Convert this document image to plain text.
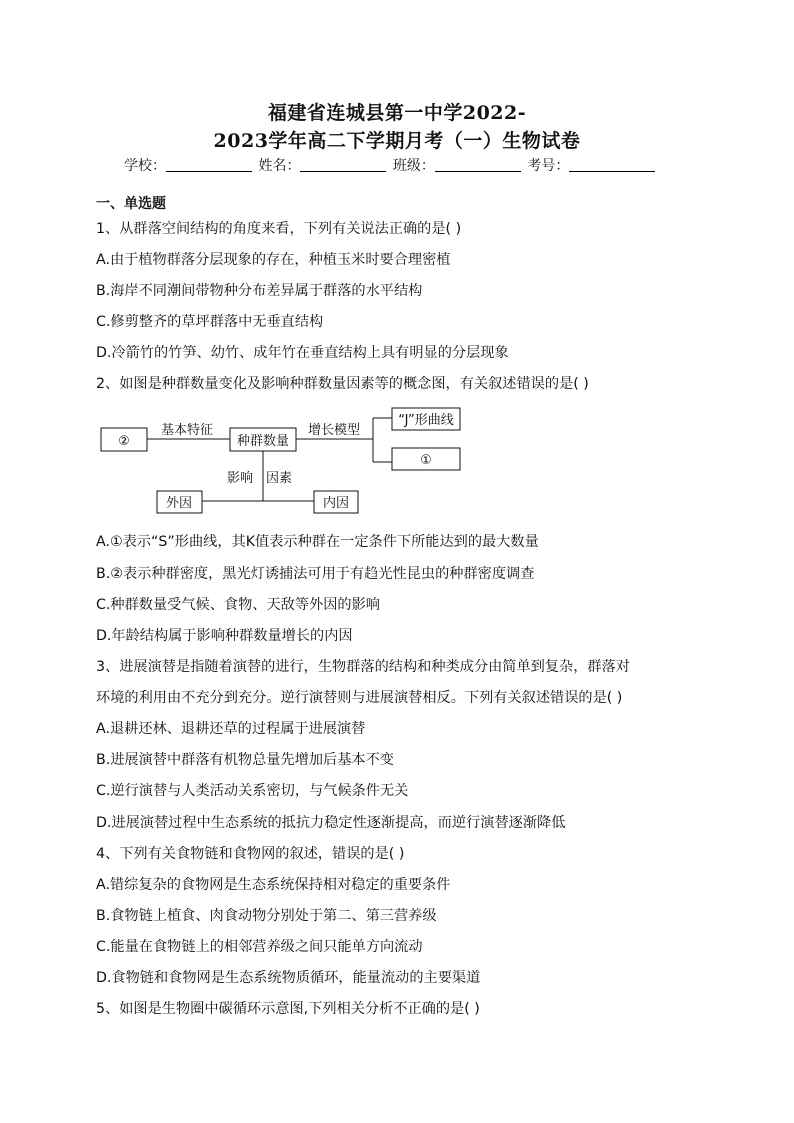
福建省连城县第一中学2022-
2023学年高二下学期月考（一）生物试卷
学校：	姓名：	班级：	考号：
一、单选题
1、从群落空间结构的角度来看，下列有关说法正确的是( )
A.由于植物群落分层现象的存在，种植玉米时要合理密植
B.海岸不同潮间带物种分布差异属于群落的水平结构
C.修剪整齐的草坪群落中无垂直结构
D.冷箭竹的竹笋、幼竹、成年竹在垂直结构上具有明显的分层现象
2、如图是种群数量变化及影响种群数量因素等的概念图，有关叙述错误的是( )
②
基本特征
种群数量
增长模型
“J”形曲线
①
影响 因素
外因	内因
A.①表示“S”形曲线，其K值表示种群在一定条件下所能达到的最大数量
B.②表示种群密度，黑光灯诱捕法可用于有趋光性昆虫的种群密度调查
C.种群数量受气候、食物、天敌等外因的影响
D.年龄结构属于影响种群数量增长的内因
3、进展演替是指随着演替的进行，生物群落的结构和种类成分由简单到复杂，群落对
环境的利用由不充分到充分。逆行演替则与进展演替相反。下列有关叙述错误的是( )
A.退耕还林、退耕还草的过程属于进展演替
B.进展演替中群落有机物总量先增加后基本不变
C.逆行演替与人类活动关系密切，与气候条件无关
D.进展演替过程中生态系统的抵抗力稳定性逐渐提高，而逆行演替逐渐降低
4、下列有关食物链和食物网的叙述，错误的是( )
A.错综复杂的食物网是生态系统保持相对稳定的重要条件
B.食物链上植食、肉食动物分别处于第二、第三营养级
C.能量在食物链上的相邻营养级之间只能单方向流动
D.食物链和食物网是生态系统物质循环，能量流动的主要渠道
5、如图是生物圈中碳循环示意图,下列相关分析不正确的是( )
